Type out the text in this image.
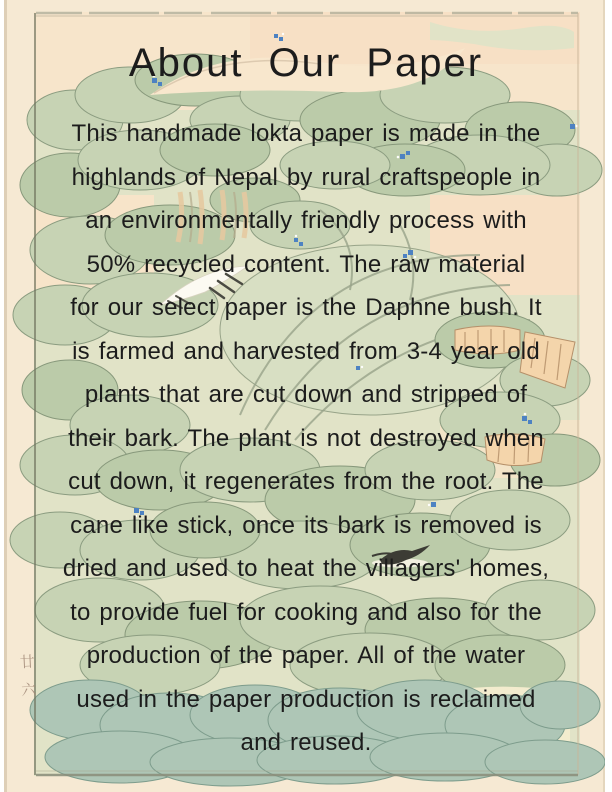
廿
六
About Our Paper
This handmade lokta paper is made in the
highlands of Nepal by rural craftspeople in
an environmentally friendly process with
50% recycled content. The raw material
for our select paper is the Daphne bush. It
is farmed and harvested from 3-4 year old
plants that are cut down and stripped of
their bark. The plant is not destroyed when
cut down, it regenerates from the root. The
cane like stick, once its bark is removed is
dried and used to heat the villagers' homes,
to provide fuel for cooking and also for the
production of the paper. All of the water
used in the paper production is reclaimed
and reused.
